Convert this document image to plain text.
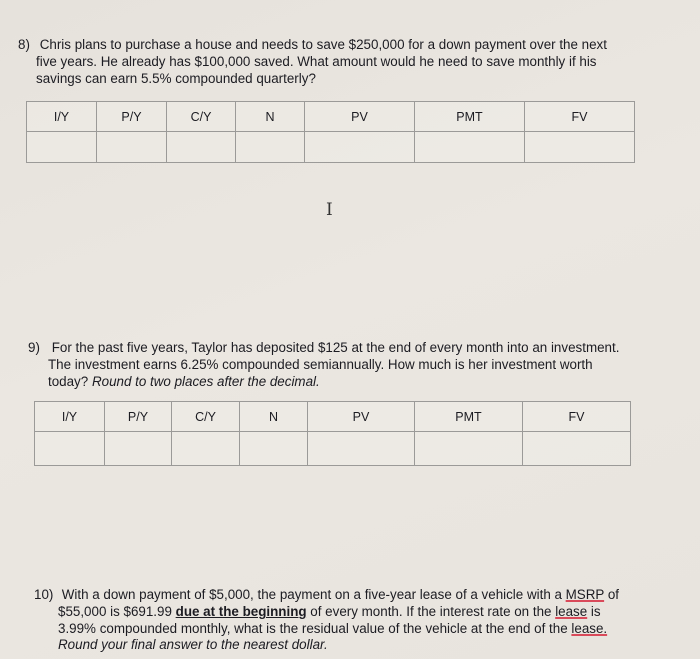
8) Chris plans to purchase a house and needs to save $250,000 for a down payment over the next
five years. He already has $100,000 saved. What amount would he need to save monthly if his
savings can earn 5.5% compounded quarterly?
I/Y	P/Y	C/Y	N	PV	PMT	FV

I
9) For the past five years, Taylor has deposited $125 at the end of every month into an investment.
The investment earns 6.25% compounded semiannually. How much is her investment worth
today? Round to two places after the decimal.
I/Y	P/Y	C/Y	N	PV	PMT	FV

10) With a down payment of $5,000, the payment on a five-year lease of a vehicle with a MSRP of
$55,000 is $691.99 due at the beginning of every month. If the interest rate on the lease is
3.99% compounded monthly, what is the residual value of the vehicle at the end of the lease.
Round your final answer to the nearest dollar.
